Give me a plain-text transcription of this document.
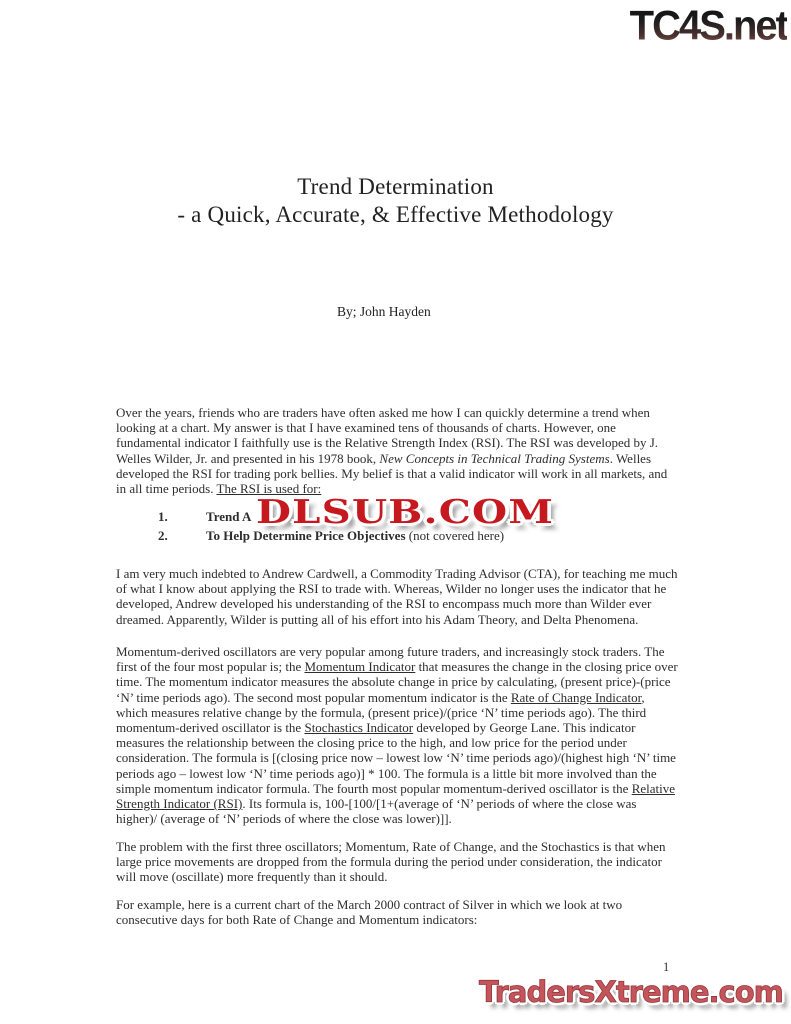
TC4S.net
Trend Determination
- a Quick, Accurate, & Effective Methodology
By; John Hayden
Over the years, friends who are traders have often asked me how I can quickly determine a trend when looking at a chart. My answer is that I have examined tens of thousands of charts. However, one fundamental indicator I faithfully use is the Relative Strength Index (RSI). The RSI was developed by J. Welles Wilder, Jr. and presented in his 1978 book, New Concepts in Technical Trading Systems. Welles developed the RSI for trading pork bellies. My belief is that a valid indicator will work in all markets, and in all time periods. The RSI is used for:
1.	Trend A
2.	To Help Determine Price Objectives (not covered here)
DLSUB.COM
I am very much indebted to Andrew Cardwell, a Commodity Trading Advisor (CTA), for teaching me much of what I know about applying the RSI to trade with. Whereas, Wilder no longer uses the indicator that he developed, Andrew developed his understanding of the RSI to encompass much more than Wilder ever dreamed. Apparently, Wilder is putting all of his effort into his Adam Theory, and Delta Phenomena.
Momentum-derived oscillators are very popular among future traders, and increasingly stock traders. The first of the four most popular is; the Momentum Indicator that measures the change in the closing price over time. The momentum indicator measures the absolute change in price by calculating, (present price)-(price ‘N’ time periods ago). The second most popular momentum indicator is the Rate of Change Indicator, which measures relative change by the formula, (present price)/(price ‘N’ time periods ago). The third momentum-derived oscillator is the Stochastics Indicator developed by George Lane. This indicator measures the relationship between the closing price to the high, and low price for the period under consideration. The formula is [(closing price now – lowest low ‘N’ time periods ago)/(highest high ‘N’ time periods ago – lowest low ‘N’ time periods ago)] * 100. The formula is a little bit more involved than the simple momentum indicator formula. The fourth most popular momentum-derived oscillator is the Relative Strength Indicator (RSI). Its formula is, 100-[100/[1+(average of ‘N’ periods of where the close was higher)/ (average of ‘N’ periods of where the close was lower)]].
The problem with the first three oscillators; Momentum, Rate of Change, and the Stochastics is that when large price movements are dropped from the formula during the period under consideration, the indicator will move (oscillate) more frequently than it should.
For example, here is a current chart of the March 2000 contract of Silver in which we look at two consecutive days for both Rate of Change and Momentum indicators:
1
TradersXtreme.com
